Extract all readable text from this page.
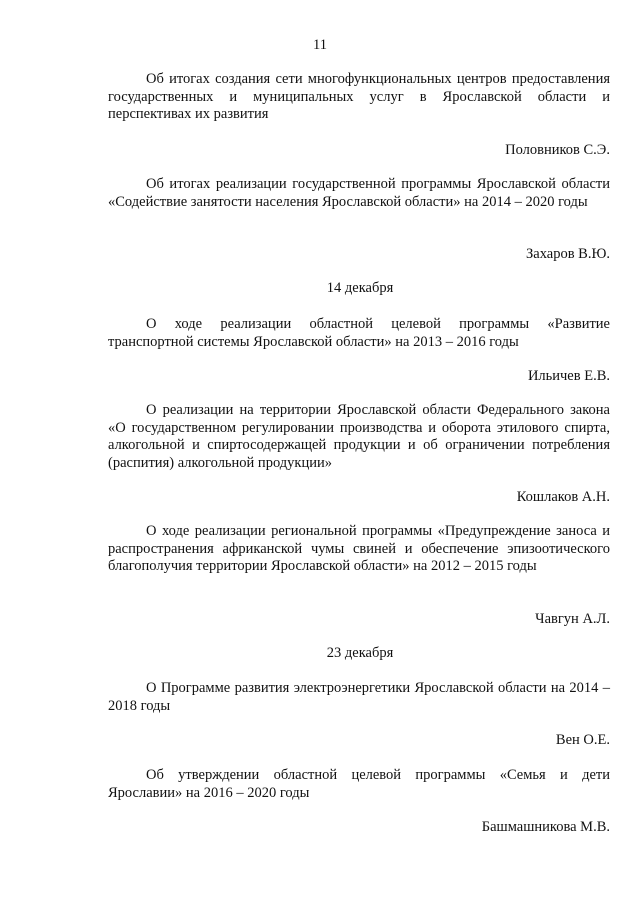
11
Об итогах создания сети многофункциональных центров предоставления государственных и муниципальных услуг в Ярославской области и перспективах их развития
Половников С.Э.
Об итогах реализации государственной программы Ярославской области «Содействие занятости населения Ярославской области» на 2014 – 2020 годы
Захаров В.Ю.
14 декабря
О ходе реализации областной целевой программы «Развитие транспортной системы Ярославской области» на 2013 – 2016 годы
Ильичев Е.В.
О реализации на территории Ярославской области Федерального закона «О государственном регулировании производства и оборота этилового спирта, алкогольной и спиртосодержащей продукции и об ограничении потребления (распития) алкогольной продукции»
Кошлаков А.Н.
О ходе реализации региональной программы «Предупреждение заноса и распространения африканской чумы свиней и обеспечение эпизоотического благополучия территории Ярославской области» на 2012 – 2015 годы
Чавгун А.Л.
23 декабря
О Программе развития электроэнергетики Ярославской области на 2014 – 2018 годы
Вен О.Е.
Об утверждении областной целевой программы «Семья и дети Ярославии» на 2016 – 2020 годы
Башмашникова М.В.
